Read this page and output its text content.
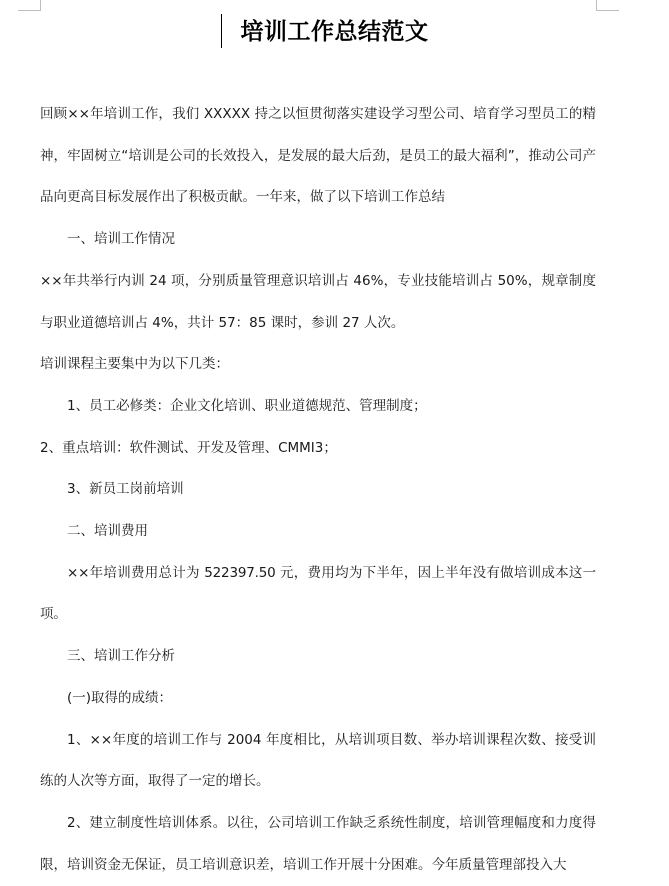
培训工作总结范文

回顾××年培训工作，我们 XXXXX 持之以恒贯彻落实建设学习型公司、培育学习型员工的精神，牢固树立“培训是公司的长效投入，是发展的最大后劲，是员工的最大福利”，推动公司产品向更高目标发展作出了积极贡献。一年来，做了以下培训工作总结

一、培训工作情况

××年共举行内训 24 项，分别质量管理意识培训占 46%，专业技能培训占 50%，规章制度与职业道德培训占 4%，共计 57：85 课时，参训 27 人次。

培训课程主要集中为以下几类：

1、员工必修类：企业文化培训、职业道德规范、管理制度；

2、重点培训：软件测试、开发及管理、CMMI3；

3、新员工岗前培训

二、培训费用

××年培训费用总计为 522397.50 元，费用均为下半年，因上半年没有做培训成本这一项。

三、培训工作分析

(一)取得的成绩：

1、××年度的培训工作与 2004 年度相比，从培训项目数、举办培训课程次数、接受训练的人次等方面，取得了一定的增长。

2、建立制度性培训体系。以往，公司培训工作缺乏系统性制度，培训管理幅度和力度得限，培训资金无保证，员工培训意识差，培训工作开展十分困难。今年质量管理部投入大
